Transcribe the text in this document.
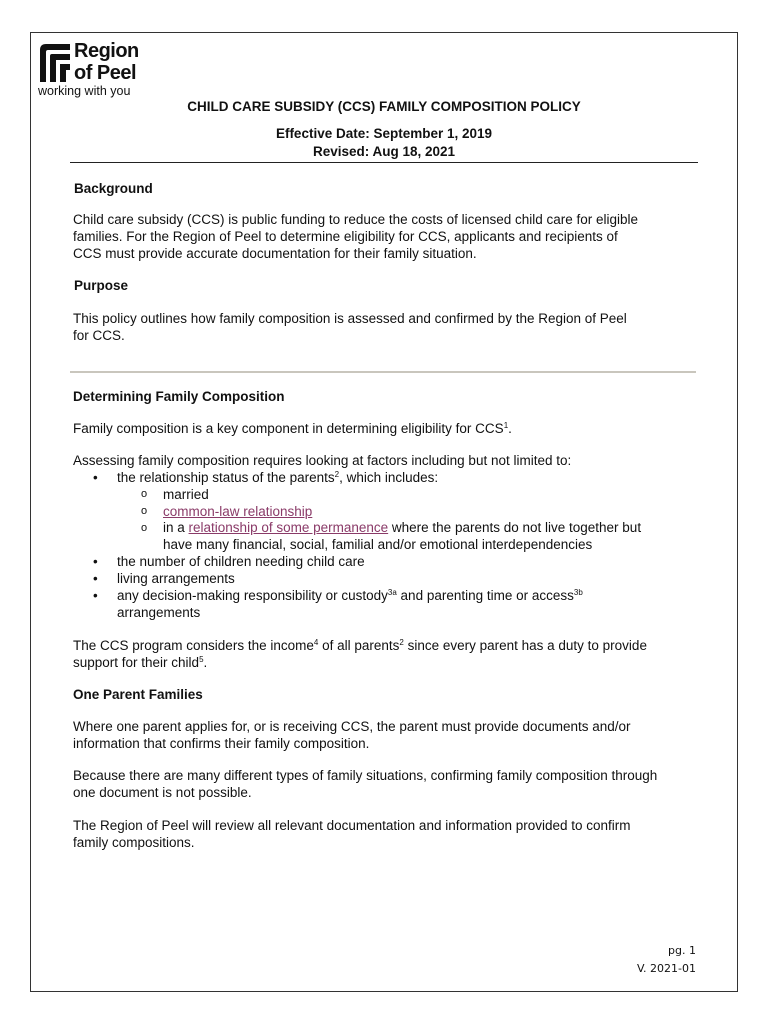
Region
of Peel
working with you
CHILD CARE SUBSIDY (CCS) FAMILY COMPOSITION POLICY
Effective Date: September 1, 2019
Revised: Aug 18, 2021
Background
Child care subsidy (CCS) is public funding to reduce the costs of licensed child care for eligible
families. For the Region of Peel to determine eligibility for CCS, applicants and recipients of
CCS must provide accurate documentation for their family situation.
Purpose
This policy outlines how family composition is assessed and confirmed by the Region of Peel
for CCS.
Determining Family Composition
Family composition is a key component in determining eligibility for CCS$^1$.
Assessing family composition requires looking at factors including but not limited to:
• the relationship status of the parents$^2$, which includes:
o married
o common-law relationship
o in a relationship of some permanence where the parents do not live together but
have many financial, social, familial and/or emotional interdependencies
• the number of children needing child care
• living arrangements
• any decision-making responsibility or custody$^{3a}$ and parenting time or access$^{3b}$
arrangements
The CCS program considers the income$^4$ of all parents$^2$ since every parent has a duty to provide
support for their child$^5$.
One Parent Families
Where one parent applies for, or is receiving CCS, the parent must provide documents and/or
information that confirms their family composition.
Because there are many different types of family situations, confirming family composition through
one document is not possible.
The Region of Peel will review all relevant documentation and information provided to confirm
family compositions.
pg. 1
V. 2021-01
